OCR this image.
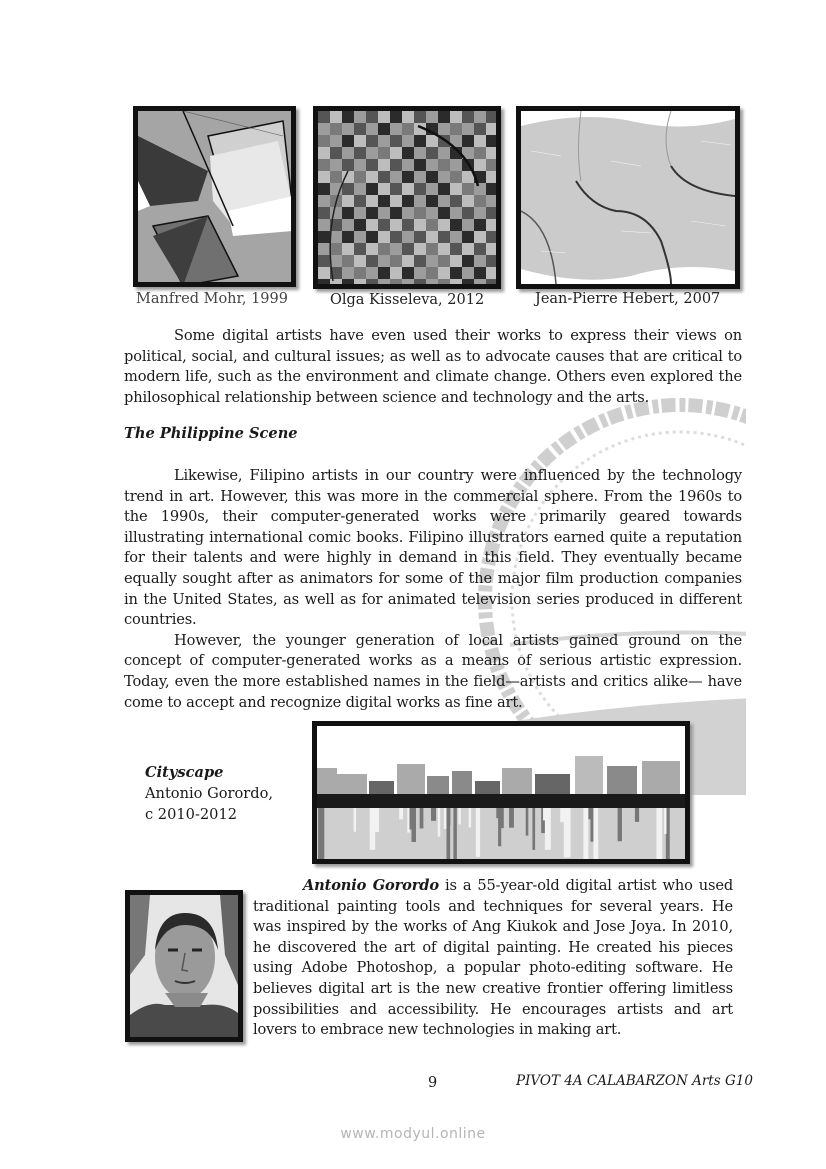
Manfred Mohr, 1999	Olga Kisseleva, 2012	Jean-Pierre Hebert, 2007

Some digital artists have even used their works to express their views on political, social, and cultural issues; as well as to advocate causes that are critical to modern life, such as the environment and climate change. Others even explored the philosophical relationship between science and technology and the arts.

The Philippine Scene

Likewise, Filipino artists in our country were influenced by the technology trend in art. However, this was more in the commercial sphere. From the 1960s to the 1990s, their computer-generated works were primarily geared towards illustrating international comic books. Filipino illustrators earned quite a reputation for their talents and were highly in demand in this field. They eventually became equally sought after as animators for some of the major film production companies in the United States, as well as for animated television series produced in different countries.

However, the younger generation of local artists gained ground on the concept of computer-generated works as a means of serious artistic expression. Today, even the more established names in the field—artists and critics alike— have come to accept and recognize digital works as fine art.

Cityscape
Antonio Gorordo,
c 2010-2012

Antonio Gorordo is a 55-year-old digital artist who used traditional painting tools and techniques for several years. He was inspired by the works of Ang Kiukok and Jose Joya. In 2010, he discovered the art of digital painting. He created his pieces using Adobe Photoshop, a popular photo-editing software. He believes digital art is the new creative frontier offering limitless possibilities and accessibility. He encourages artists and art lovers to embrace new technologies in making art.

9	PIVOT 4A CALABARZON Arts G10
www.modyul.online
